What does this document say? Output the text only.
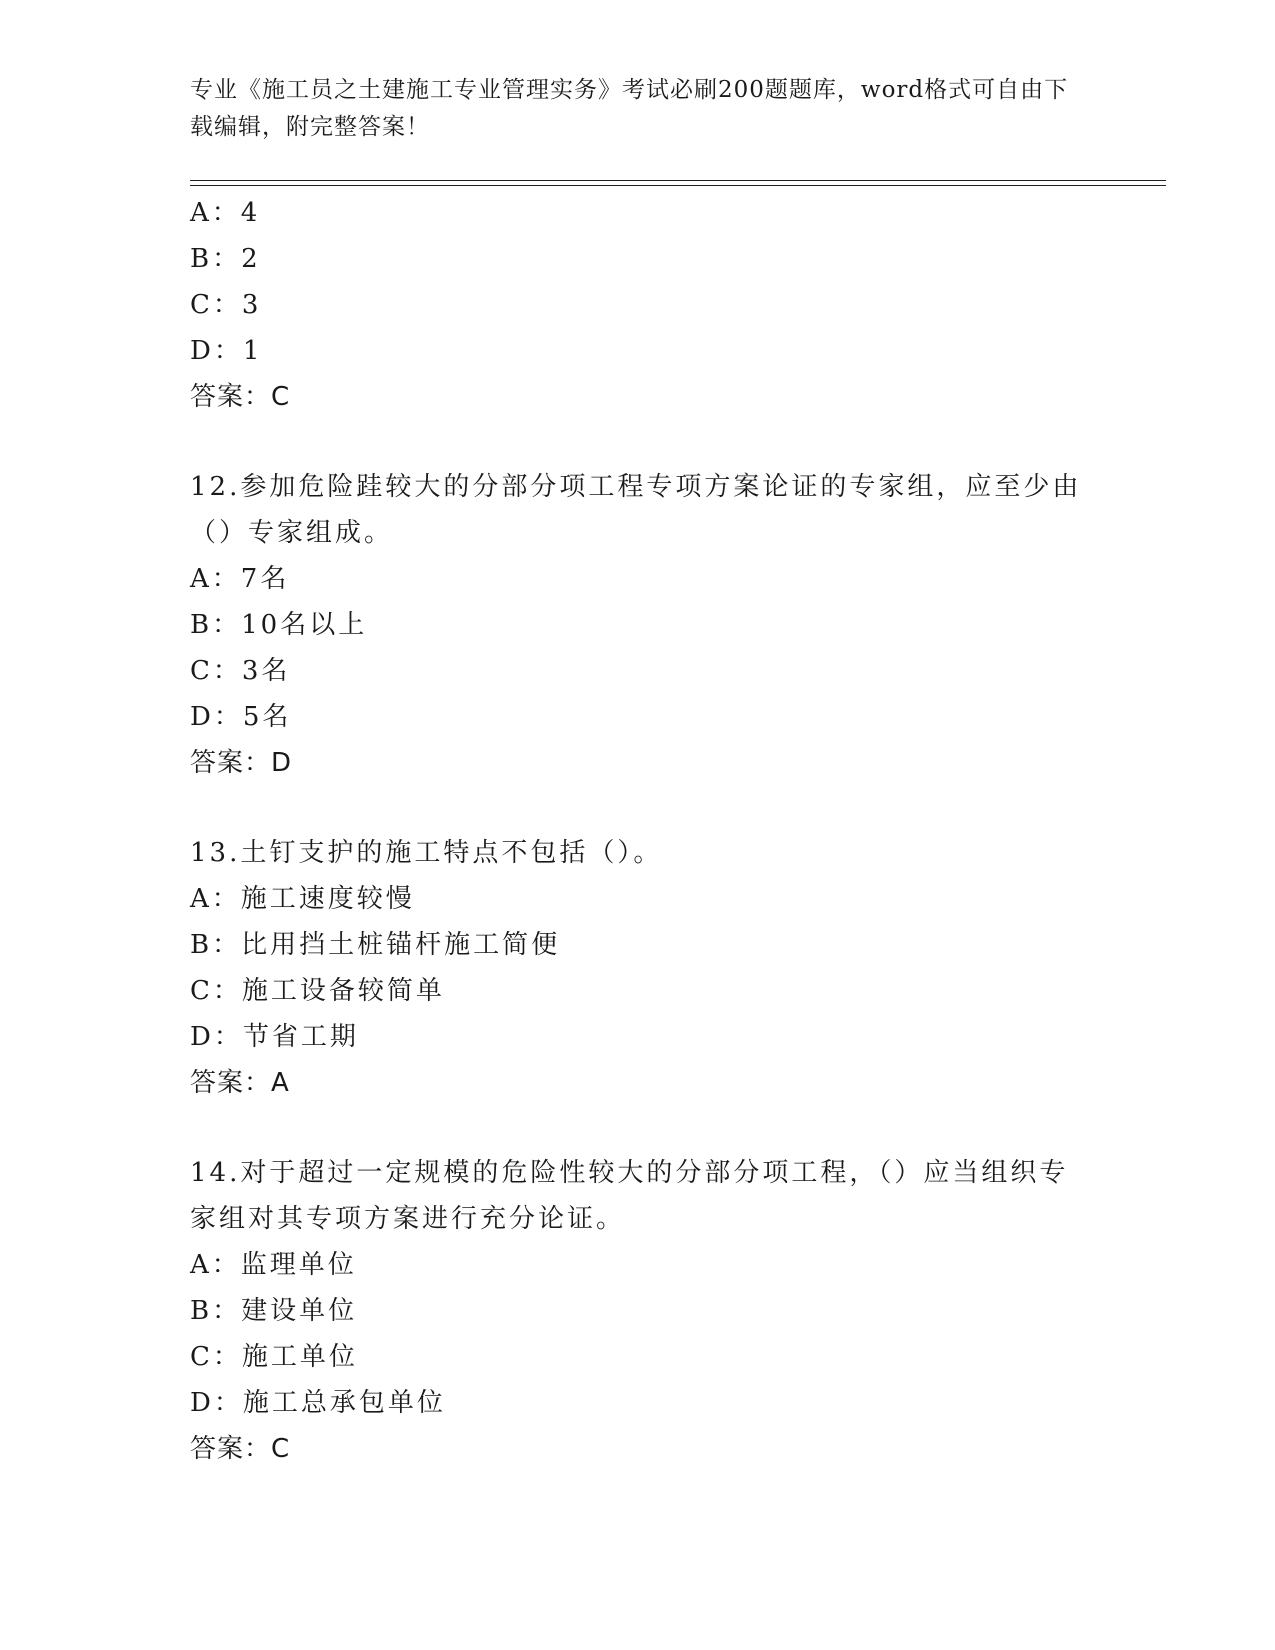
专业《施工员之土建施工专业管理实务》考试必刷200题题库，word格式可自由下载编辑，附完整答案！
A：4
B：2
C：3
D：1
答案：C
12.参加危险跬较大的分部分项工程专项方案论证的专家组，应至少由（）专家组成。
A：7名
B：10名以上
C：3名
D：5名
答案：D
13.土钉支护的施工特点不包括（）。
A：施工速度较慢
B：比用挡土桩锚杆施工简便
C：施工设备较简单
D：节省工期
答案：A
14.对于超过一定规模的危险性较大的分部分项工程，（）应当组织专家组对其专项方案进行充分论证。
A：监理单位
B：建设单位
C：施工单位
D：施工总承包单位
答案：C
